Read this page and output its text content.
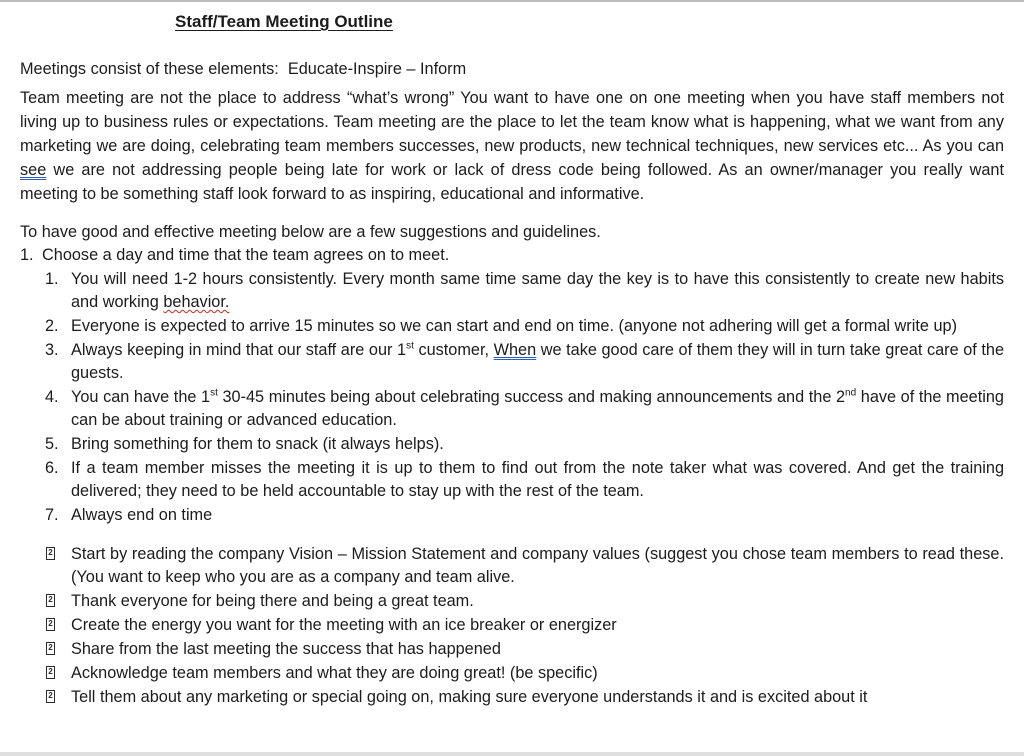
Staff/Team Meeting Outline

Meetings consist of these elements:  Educate-Inspire – Inform

Team meeting are not the place to address “what’s wrong” You want to have one on one meeting when you have staff members not living up to business rules or expectations. Team meeting are the place to let the team know what is happening, what we want from any marketing we are doing, celebrating team members successes, new products, new technical techniques, new services etc... As you can see we are not addressing people being late for work or lack of dress code being followed. As an owner/manager you really want meeting to be something staff look forward to as inspiring, educational and informative.

To have good and effective meeting below are a few suggestions and guidelines.

1. Choose a day and time that the team agrees on to meet.
1. You will need 1-2 hours consistently. Every month same time same day the key is to have this consistently to create new habits and working behavior.
2. Everyone is expected to arrive 15 minutes so we can start and end on time. (anyone not adhering will get a formal write up)
3. Always keeping in mind that our staff are our 1st customer, When we take good care of them they will in turn take great care of the guests.
4. You can have the 1st 30-45 minutes being about celebrating success and making announcements and the 2nd have of the meeting can be about training or advanced education.
5. Bring something for them to snack (it always helps).
6. If a team member misses the meeting it is up to them to find out from the note taker what was covered. And get the training delivered; they need to be held accountable to stay up with the rest of the team.
7. Always end on time
2 Start by reading the company Vision – Mission Statement and company values (suggest you chose team members to read these. (You want to keep who you are as a company and team alive.
2 Thank everyone for being there and being a great team.
2 Create the energy you want for the meeting with an ice breaker or energizer
2 Share from the last meeting the success that has happened
2 Acknowledge team members and what they are doing great! (be specific)
2 Tell them about any marketing or special going on, making sure everyone understands it and is excited about it
